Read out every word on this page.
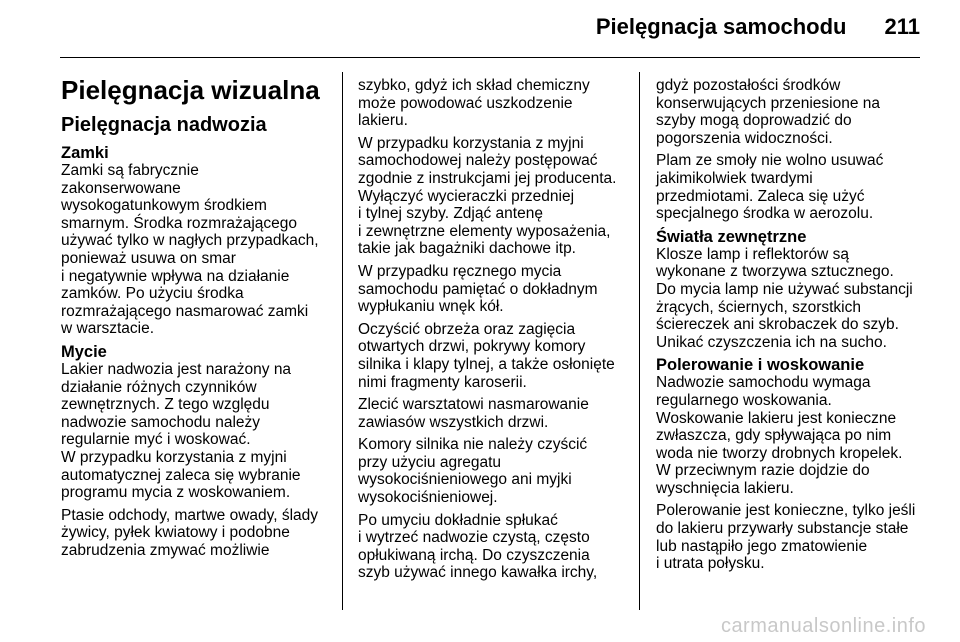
Pielęgnacja samochodu 211
Pielęgnacja wizualna
Pielęgnacja nadwozia
Zamki

Zamki są fabrycznie
zakonserwowane
wysokogatunkowym środkiem
smarnym. Środka rozmrażającego
używać tylko w nagłych przypadkach,
ponieważ usuwa on smar
i negatywnie wpływa na działanie
zamków. Po użyciu środka
rozmrażającego nasmarować zamki
w warsztacie.

Mycie

Lakier nadwozia jest narażony na
działanie różnych czynników
zewnętrznych. Z tego względu
nadwozie samochodu należy
regularnie myć i woskować.
W przypadku korzystania z myjni
automatycznej zaleca się wybranie
programu mycia z woskowaniem.

Ptasie odchody, martwe owady, ślady
żywicy, pyłek kwiatowy i podobne
zabrudzenia zmywać możliwie

szybko, gdyż ich skład chemiczny
może powodować uszkodzenie
lakieru.

W przypadku korzystania z myjni
samochodowej należy postępować
zgodnie z instrukcjami jej producenta.
Wyłączyć wycieraczki przedniej
i tylnej szyby. Zdjąć antenę
i zewnętrzne elementy wyposażenia,
takie jak bagażniki dachowe itp.

W przypadku ręcznego mycia
samochodu pamiętać o dokładnym
wypłukaniu wnęk kół.

Oczyścić obrzeża oraz zagięcia
otwartych drzwi, pokrywy komory
silnika i klapy tylnej, a także osłonięte
nimi fragmenty karoserii.

Zlecić warsztatowi nasmarowanie
zawiasów wszystkich drzwi.

Komory silnika nie należy czyścić
przy użyciu agregatu
wysokociśnieniowego ani myjki
wysokociśnieniowej.

Po umyciu dokładnie spłukać
i wytrzeć nadwozie czystą, często
opłukiwaną irchą. Do czyszczenia
szyb używać innego kawałka irchy,

gdyż pozostałości środków
konserwujących przeniesione na
szyby mogą doprowadzić do
pogorszenia widoczności.

Plam ze smoły nie wolno usuwać
jakimikolwiek twardymi
przedmiotami. Zaleca się użyć
specjalnego środka w aerozolu.

Światła zewnętrzne

Klosze lamp i reflektorów są
wykonane z tworzywa sztucznego.
Do mycia lamp nie używać substancji
żrących, ściernych, szorstkich
ściereczek ani skrobaczek do szyb.
Unikać czyszczenia ich na sucho.

Polerowanie i woskowanie

Nadwozie samochodu wymaga
regularnego woskowania.
Woskowanie lakieru jest konieczne
zwłaszcza, gdy spływająca po nim
woda nie tworzy drobnych kropelek.
W przeciwnym razie dojdzie do
wyschnięcia lakieru.

Polerowanie jest konieczne, tylko jeśli
do lakieru przywarły substancje stałe
lub nastąpiło jego zmatowienie
i utrata połysku.

carmanualsonline.info
